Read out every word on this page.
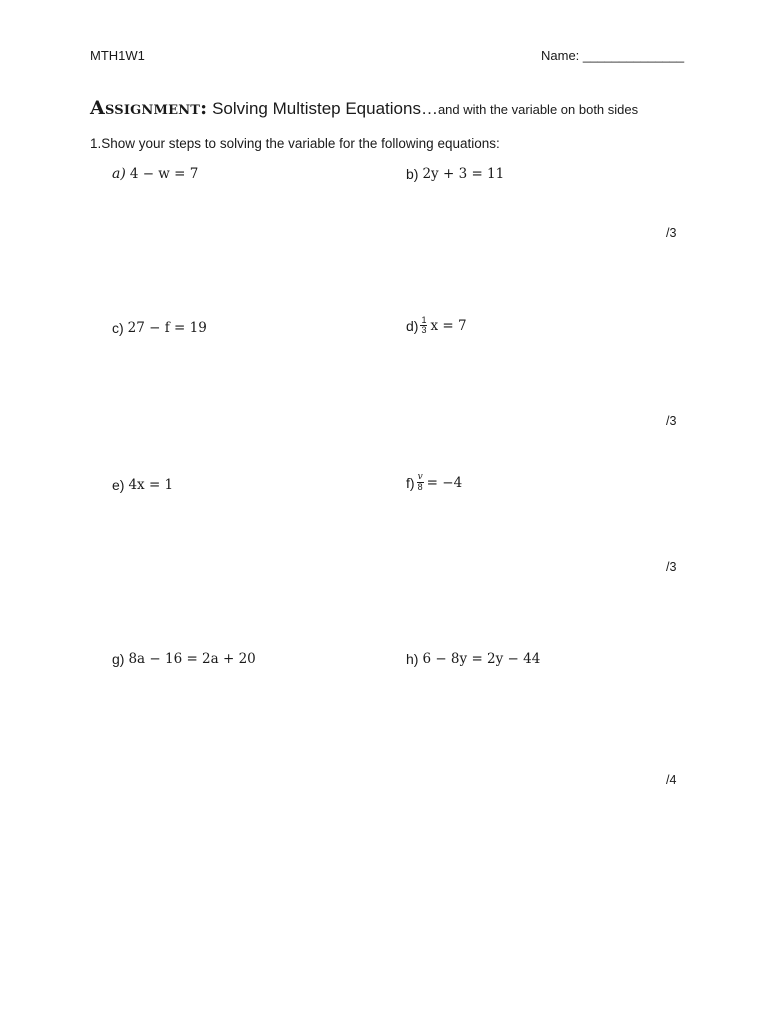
MTH1W1	Name: ______________
Assignment: Solving Multistep Equations…and with the variable on both sides
1.Show your steps to solving the variable for the following equations:
a) 4 − w = 7	b) 2y + 3 = 11
/3
c) 27 − f = 19	$d) \frac{1}{3}$ x = 7
/3
e) 4x = 1	$f) \frac{v}{8} = -4$
/3
g) 8a − 16 = 2a + 20	h) 6 − 8y = 2y − 44
/4
